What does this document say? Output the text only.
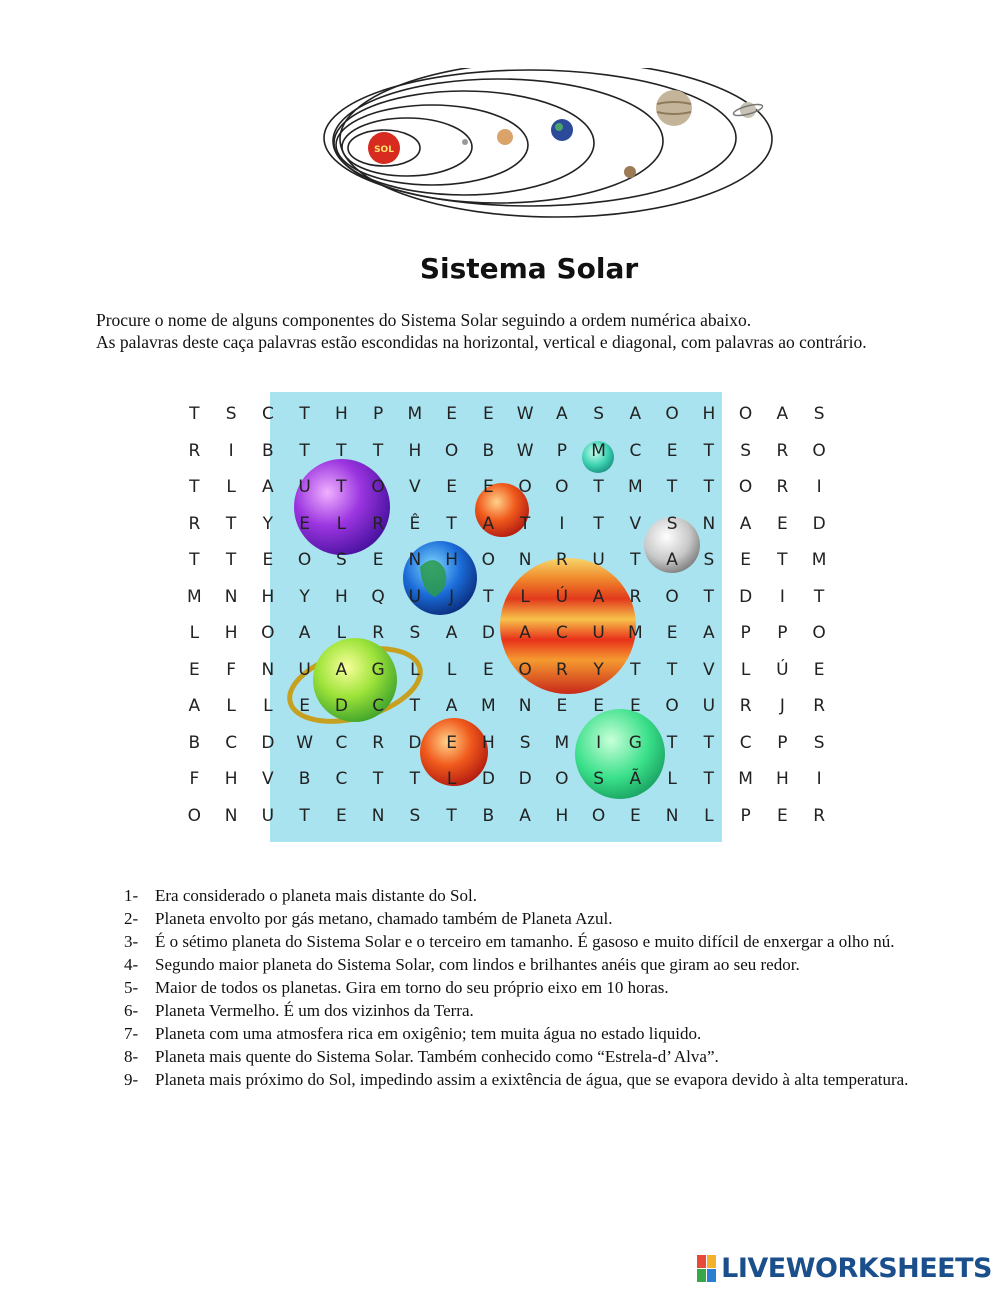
SOL
Sistema Solar
Procure o nome de alguns componentes do Sistema Solar seguindo a ordem numérica abaixo.
As palavras deste caça palavras estão escondidas na horizontal, vertical e diagonal, com palavras ao contrário.
T	S	C	T	H	P	M	E	E	W	A	S	A	O	H	O	A	S
R	I	B	T	T	T	H	O	B	W	P	M	C	E	T	S	R	O
T	L	A	U	T	O	V	E	E	O	O	T	M	T	T	O	R	I
R	T	Y	E	L	R	Ê	T	A	T	I	T	V	S	N	A	E	D
T	T	E	O	S	E	N	H	O	N	R	U	T	A	S	E	T	M
M	N	H	Y	H	Q	U	J	T	L	Ú	A	R	O	T	D	I	T
L	H	O	A	L	R	S	A	D	A	C	U	M	E	A	P	P	O
E	F	N	U	A	G	L	L	E	O	R	Y	T	T	V	L	Ú	E
A	L	L	E	D	C	T	A	M	N	E	E	E	O	U	R	J	R
B	C	D	W	C	R	D	E	H	S	M	I	G	T	T	C	P	S
F	H	V	B	C	T	T	L	D	D	O	S	Ã	L	T	M	H	I
O	N	U	T	E	N	S	T	B	A	H	O	E	N	L	P	E	R
1- Era considerado o planeta mais distante do Sol.
2- Planeta envolto por gás metano, chamado também de Planeta Azul.
3- É o sétimo planeta do Sistema Solar e o terceiro em tamanho. É gasoso e muito difícil de enxergar a olho nú.
4- Segundo maior planeta do Sistema Solar, com lindos e brilhantes anéis que giram ao seu redor.
5- Maior de todos os planetas. Gira em torno do seu próprio eixo em 10 horas.
6- Planeta Vermelho. É um dos vizinhos da Terra.
7- Planeta com uma atmosfera rica em oxigênio; tem muita água no estado liquido.
8- Planeta mais quente do Sistema Solar. Também conhecido como “Estrela-d’ Alva”.
9- Planeta mais próximo do Sol, impedindo assim a exixtência de água, que se evapora devido à alta temperatura.
LIVEWORKSHEETS
